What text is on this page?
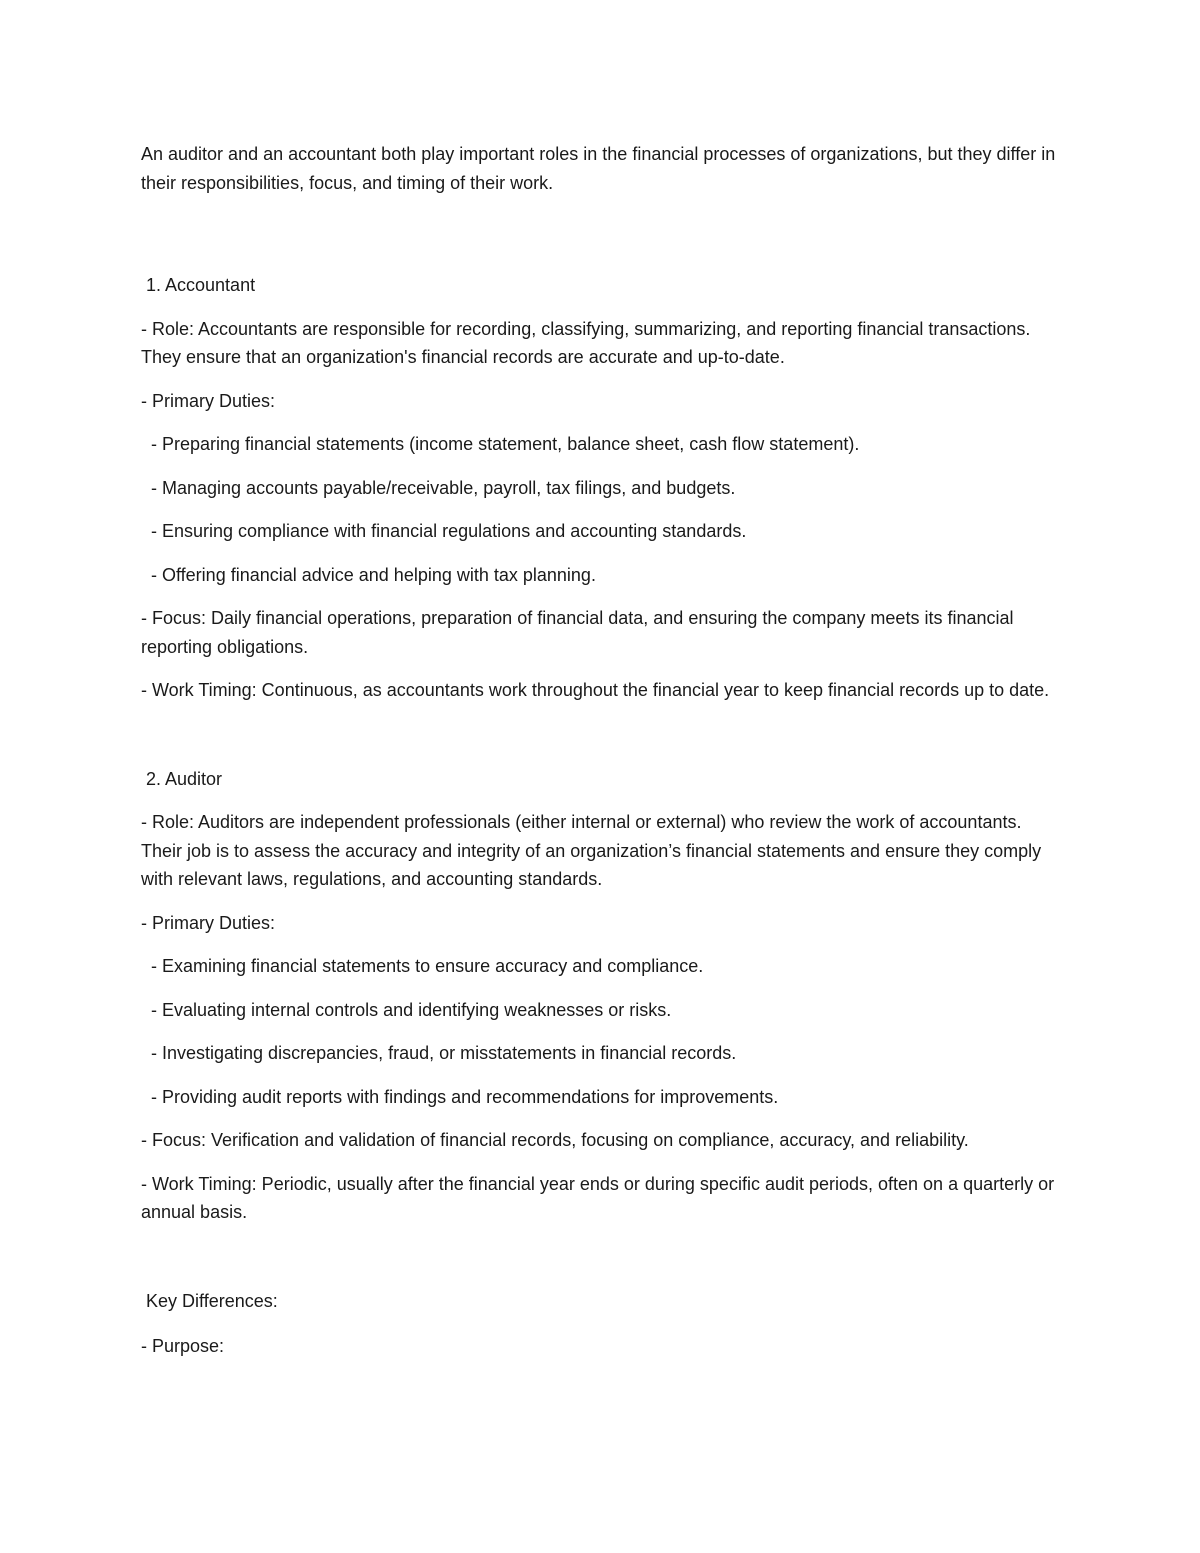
An auditor and an accountant both play important roles in the financial processes of organizations, but they differ in their responsibilities, focus, and timing of their work.

1. Accountant

- Role: Accountants are responsible for recording, classifying, summarizing, and reporting financial transactions. They ensure that an organization's financial records are accurate and up-to-date.

- Primary Duties:

- Preparing financial statements (income statement, balance sheet, cash flow statement).

- Managing accounts payable/receivable, payroll, tax filings, and budgets.

- Ensuring compliance with financial regulations and accounting standards.

- Offering financial advice and helping with tax planning.

- Focus: Daily financial operations, preparation of financial data, and ensuring the company meets its financial reporting obligations.

- Work Timing: Continuous, as accountants work throughout the financial year to keep financial records up to date.

2. Auditor

- Role: Auditors are independent professionals (either internal or external) who review the work of accountants. Their job is to assess the accuracy and integrity of an organization’s financial statements and ensure they comply with relevant laws, regulations, and accounting standards.

- Primary Duties:

- Examining financial statements to ensure accuracy and compliance.

- Evaluating internal controls and identifying weaknesses or risks.

- Investigating discrepancies, fraud, or misstatements in financial records.

- Providing audit reports with findings and recommendations for improvements.

- Focus: Verification and validation of financial records, focusing on compliance, accuracy, and reliability.

- Work Timing: Periodic, usually after the financial year ends or during specific audit periods, often on a quarterly or annual basis.

Key Differences:

- Purpose:
